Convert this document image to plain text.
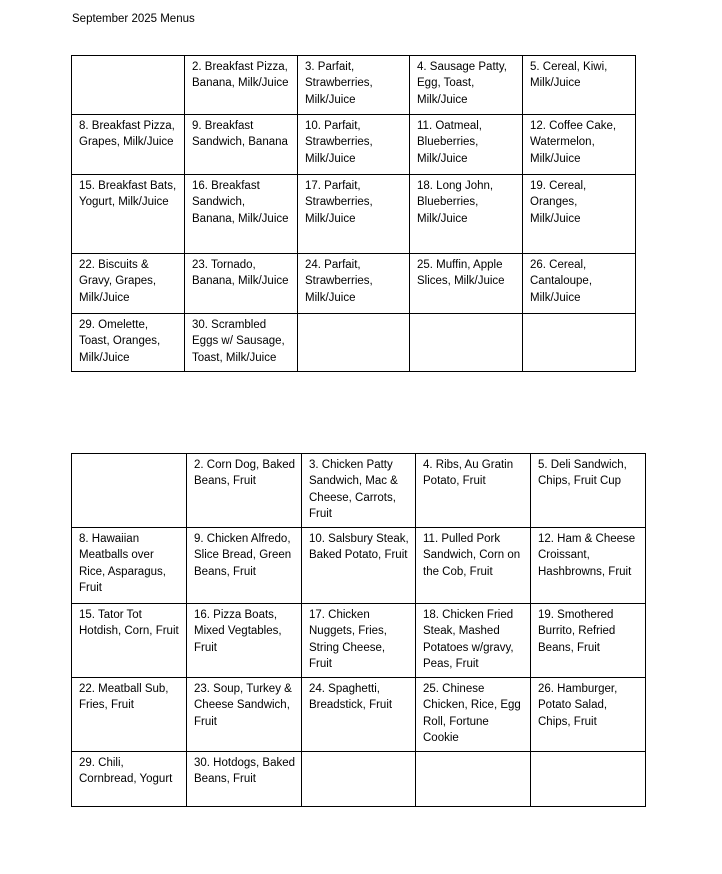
September 2025 Menus
	2. Breakfast Pizza, Banana, Milk/Juice	3. Parfait, Strawberries, Milk/Juice	4. Sausage Patty, Egg, Toast, Milk/Juice	5. Cereal, Kiwi, Milk/Juice
8. Breakfast Pizza, Grapes, Milk/Juice	9. Breakfast Sandwich, Banana	10. Parfait, Strawberries, Milk/Juice	11. Oatmeal, Blueberries, Milk/Juice	12. Coffee Cake, Watermelon, Milk/Juice
15. Breakfast Bats, Yogurt, Milk/Juice	16. Breakfast Sandwich, Banana, Milk/Juice	17. Parfait, Strawberries, Milk/Juice	18. Long John, Blueberries, Milk/Juice	19. Cereal, Oranges, Milk/Juice
22. Biscuits & Gravy, Grapes, Milk/Juice	23. Tornado, Banana, Milk/Juice	24. Parfait, Strawberries, Milk/Juice	25. Muffin, Apple Slices, Milk/Juice	26. Cereal, Cantaloupe, Milk/Juice
29. Omelette, Toast, Oranges, Milk/Juice	30. Scrambled Eggs w/ Sausage, Toast, Milk/Juice			
	2. Corn Dog, Baked Beans, Fruit	3. Chicken Patty Sandwich, Mac & Cheese, Carrots, Fruit	4. Ribs, Au Gratin Potato, Fruit	5. Deli Sandwich, Chips, Fruit Cup
8. Hawaiian Meatballs over Rice, Asparagus, Fruit	9. Chicken Alfredo, Slice Bread, Green Beans, Fruit	10. Salsbury Steak, Baked Potato, Fruit	11. Pulled Pork Sandwich, Corn on the Cob, Fruit	12. Ham & Cheese Croissant, Hashbrowns, Fruit
15. Tator Tot Hotdish, Corn, Fruit	16. Pizza Boats, Mixed Vegtables, Fruit	17. Chicken Nuggets, Fries, String Cheese, Fruit	18. Chicken Fried Steak, Mashed Potatoes w/gravy, Peas, Fruit	19. Smothered Burrito, Refried Beans, Fruit
22. Meatball Sub, Fries, Fruit	23. Soup, Turkey & Cheese Sandwich, Fruit	24. Spaghetti, Breadstick, Fruit	25. Chinese Chicken, Rice, Egg Roll, Fortune Cookie	26. Hamburger, Potato Salad, Chips, Fruit
29. Chili, Cornbread, Yogurt	30. Hotdogs, Baked Beans, Fruit			
